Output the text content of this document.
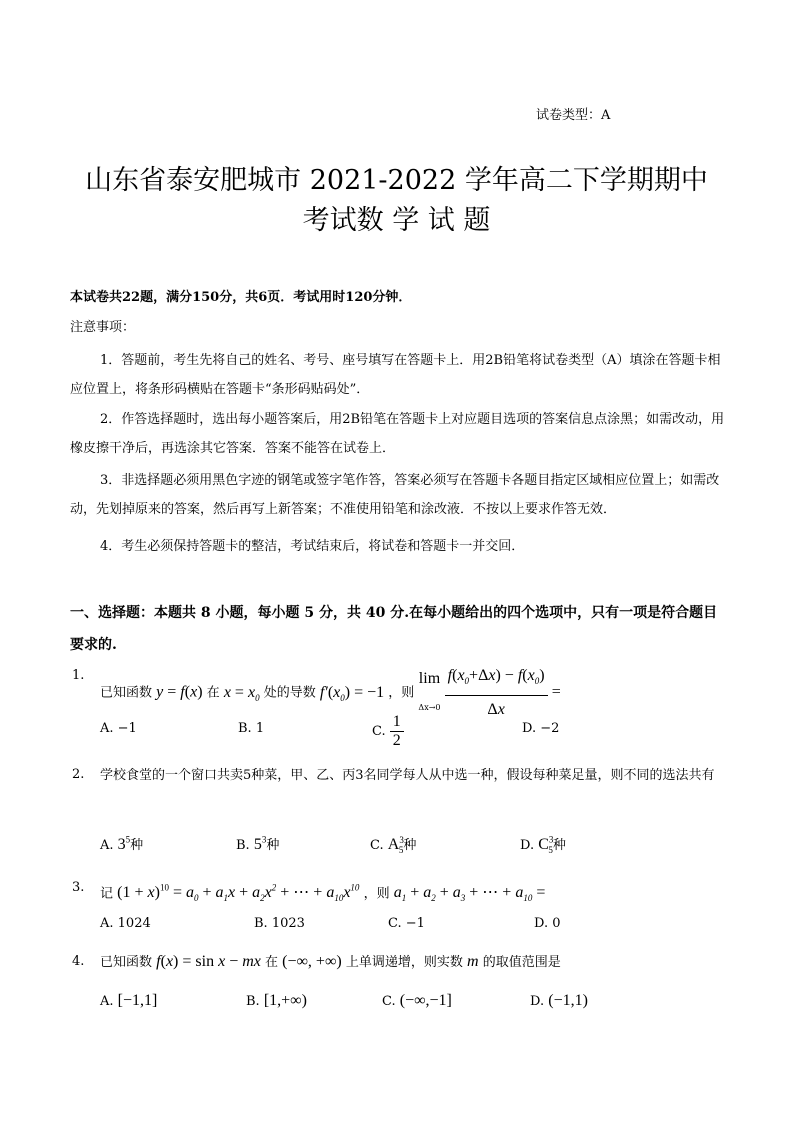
试卷类型：A
山东省泰安肥城市 2021-2022 学年高二下学期期中
考试数 学 试 题
本试卷共22题，满分150分，共6页．考试用时120分钟．
注意事项：
1．答题前，考生先将自己的姓名、考号、座号填写在答题卡上．用2B铅笔将试卷类型（A）填涂在答题卡相应位置上，将条形码横贴在答题卡“条形码贴码处”．
2．作答选择题时，选出每小题答案后，用2B铅笔在答题卡上对应题目选项的答案信息点涂黑；如需改动，用橡皮擦干净后，再选涂其它答案．答案不能答在试卷上．
3．非选择题必须用黑色字迹的钢笔或签字笔作答，答案必须写在答题卡各题目指定区域相应位置上；如需改动，先划掉原来的答案，然后再写上新答案；不准使用铅笔和涂改液．不按以上要求作答无效．
4．考生必须保持答题卡的整洁，考试结束后，将试卷和答题卡一并交回．
一、选择题：本题共 8 小题，每小题 5 分，共 40 分.在每小题给出的四个选项中，只有一项是符合题目要求的.
1.
已知函数 y = f(x) 在 $x = x_0$ 处的导数 $f'(x_0) = -1$ ，则 lim
Δx→0
$\frac{f(x_0+\Delta x) - f(x_0)}{\Delta x}$ =
A. −1	B. 1	C. $\frac{1}{2}$	D. −2
2. 学校食堂的一个窗口共卖5种菜，甲、乙、丙3名同学每人从中选一种，假设每种菜足量，则不同的选法共有
A. $3^5$种	B. $5^3$种	C. $A^3_5$种	D. $C^3_5$种
3. 记 $(1 + x)^{10} = a_0 + a_1x + a_2x^2$ + ⋯ + $a_{10}x^{10}$ ，则 $a_1 + a_2 + a_3$ + ⋯ + $a_{10}$ =
A. 1024	B. 1023	C. −1	D. 0
4. 已知函数 f(x) = sin x − mx 在 (−∞, +∞) 上单调递增，则实数 m 的取值范围是
A. [−1,1]	B. [1,+∞)	C. (−∞,−1]	D. (−1,1)
